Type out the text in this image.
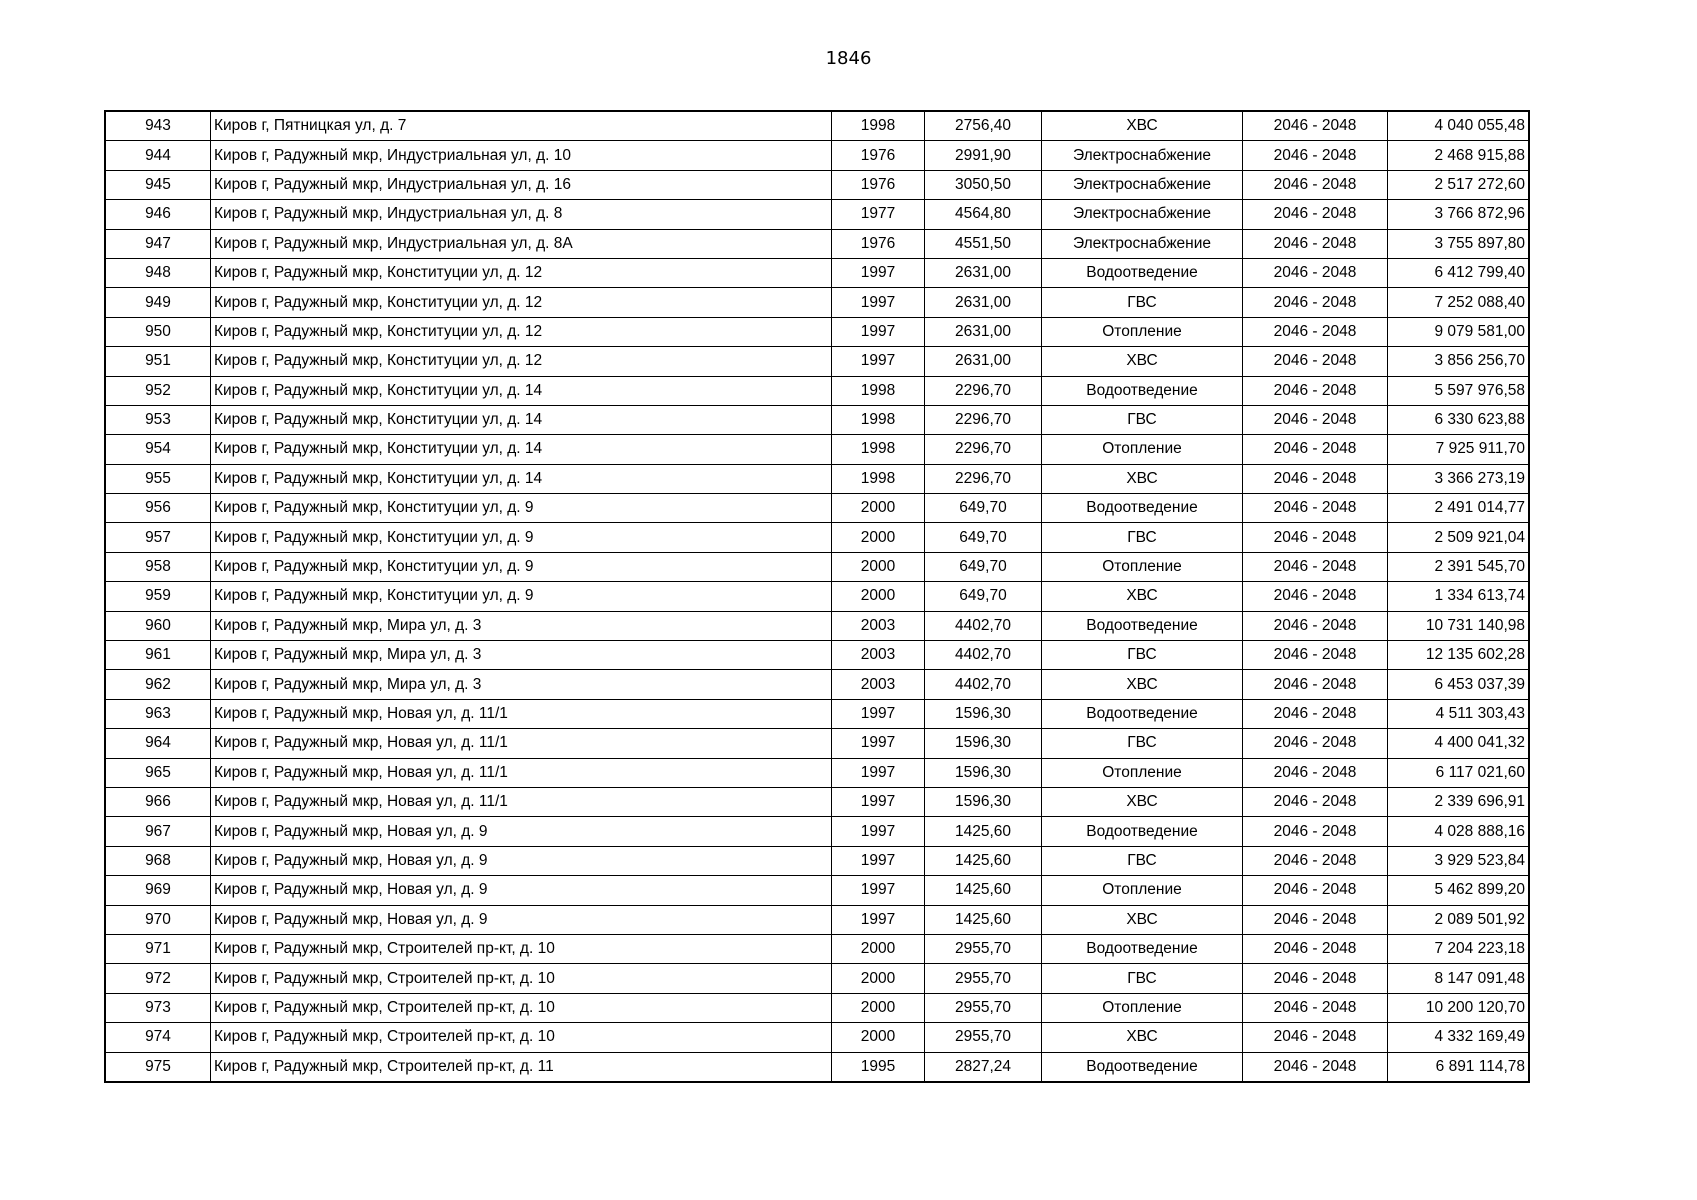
1846
943	Киров г, Пятницкая ул, д. 7	1998	2756,40	ХВС	2046 - 2048	4 040 055,48
944	Киров г, Радужный мкр, Индустриальная ул, д. 10	1976	2991,90	Электроснабжение	2046 - 2048	2 468 915,88
945	Киров г, Радужный мкр, Индустриальная ул, д. 16	1976	3050,50	Электроснабжение	2046 - 2048	2 517 272,60
946	Киров г, Радужный мкр, Индустриальная ул, д. 8	1977	4564,80	Электроснабжение	2046 - 2048	3 766 872,96
947	Киров г, Радужный мкр, Индустриальная ул, д. 8А	1976	4551,50	Электроснабжение	2046 - 2048	3 755 897,80
948	Киров г, Радужный мкр, Конституции ул, д. 12	1997	2631,00	Водоотведение	2046 - 2048	6 412 799,40
949	Киров г, Радужный мкр, Конституции ул, д. 12	1997	2631,00	ГВС	2046 - 2048	7 252 088,40
950	Киров г, Радужный мкр, Конституции ул, д. 12	1997	2631,00	Отопление	2046 - 2048	9 079 581,00
951	Киров г, Радужный мкр, Конституции ул, д. 12	1997	2631,00	ХВС	2046 - 2048	3 856 256,70
952	Киров г, Радужный мкр, Конституции ул, д. 14	1998	2296,70	Водоотведение	2046 - 2048	5 597 976,58
953	Киров г, Радужный мкр, Конституции ул, д. 14	1998	2296,70	ГВС	2046 - 2048	6 330 623,88
954	Киров г, Радужный мкр, Конституции ул, д. 14	1998	2296,70	Отопление	2046 - 2048	7 925 911,70
955	Киров г, Радужный мкр, Конституции ул, д. 14	1998	2296,70	ХВС	2046 - 2048	3 366 273,19
956	Киров г, Радужный мкр, Конституции ул, д. 9	2000	649,70	Водоотведение	2046 - 2048	2 491 014,77
957	Киров г, Радужный мкр, Конституции ул, д. 9	2000	649,70	ГВС	2046 - 2048	2 509 921,04
958	Киров г, Радужный мкр, Конституции ул, д. 9	2000	649,70	Отопление	2046 - 2048	2 391 545,70
959	Киров г, Радужный мкр, Конституции ул, д. 9	2000	649,70	ХВС	2046 - 2048	1 334 613,74
960	Киров г, Радужный мкр, Мира ул, д. 3	2003	4402,70	Водоотведение	2046 - 2048	10 731 140,98
961	Киров г, Радужный мкр, Мира ул, д. 3	2003	4402,70	ГВС	2046 - 2048	12 135 602,28
962	Киров г, Радужный мкр, Мира ул, д. 3	2003	4402,70	ХВС	2046 - 2048	6 453 037,39
963	Киров г, Радужный мкр, Новая ул, д. 11/1	1997	1596,30	Водоотведение	2046 - 2048	4 511 303,43
964	Киров г, Радужный мкр, Новая ул, д. 11/1	1997	1596,30	ГВС	2046 - 2048	4 400 041,32
965	Киров г, Радужный мкр, Новая ул, д. 11/1	1997	1596,30	Отопление	2046 - 2048	6 117 021,60
966	Киров г, Радужный мкр, Новая ул, д. 11/1	1997	1596,30	ХВС	2046 - 2048	2 339 696,91
967	Киров г, Радужный мкр, Новая ул, д. 9	1997	1425,60	Водоотведение	2046 - 2048	4 028 888,16
968	Киров г, Радужный мкр, Новая ул, д. 9	1997	1425,60	ГВС	2046 - 2048	3 929 523,84
969	Киров г, Радужный мкр, Новая ул, д. 9	1997	1425,60	Отопление	2046 - 2048	5 462 899,20
970	Киров г, Радужный мкр, Новая ул, д. 9	1997	1425,60	ХВС	2046 - 2048	2 089 501,92
971	Киров г, Радужный мкр, Строителей пр-кт, д. 10	2000	2955,70	Водоотведение	2046 - 2048	7 204 223,18
972	Киров г, Радужный мкр, Строителей пр-кт, д. 10	2000	2955,70	ГВС	2046 - 2048	8 147 091,48
973	Киров г, Радужный мкр, Строителей пр-кт, д. 10	2000	2955,70	Отопление	2046 - 2048	10 200 120,70
974	Киров г, Радужный мкр, Строителей пр-кт, д. 10	2000	2955,70	ХВС	2046 - 2048	4 332 169,49
975	Киров г, Радужный мкр, Строителей пр-кт, д. 11	1995	2827,24	Водоотведение	2046 - 2048	6 891 114,78
